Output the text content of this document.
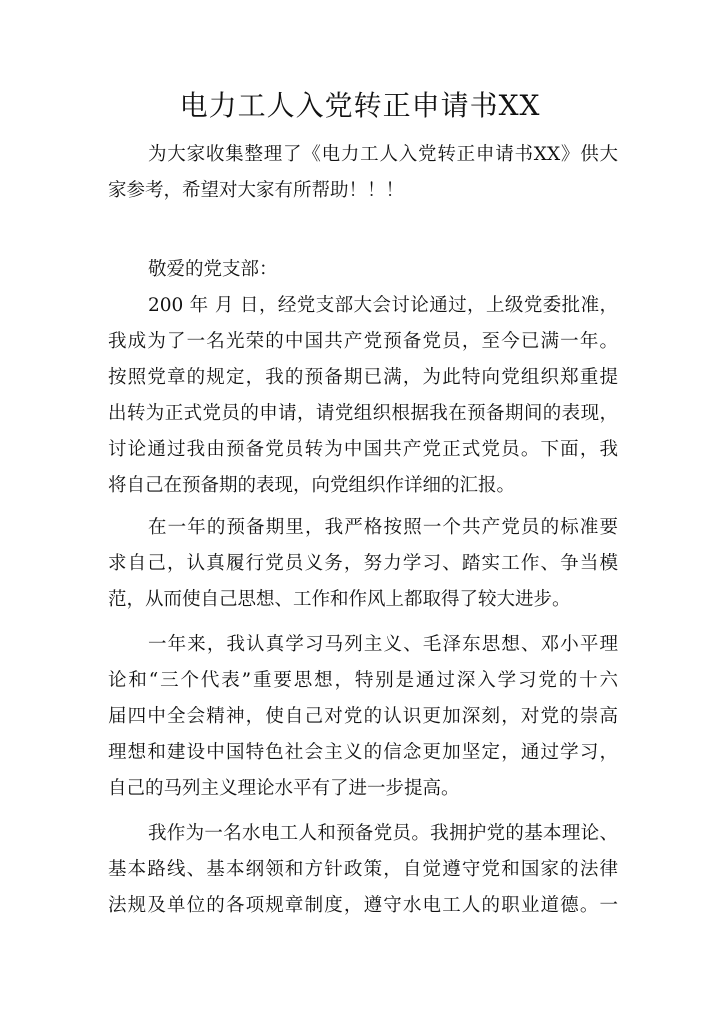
电力工人入党转正申请书XX
为大家收集整理了《电力工人入党转正申请书XX》供大
家参考，希望对大家有所帮助！！！
敬爱的党支部：
200 年 月 日，经党支部大会讨论通过，上级党委批准，
我成为了一名光荣的中国共产党预备党员，至今已满一年。
按照党章的规定，我的预备期已满，为此特向党组织郑重提
出转为正式党员的申请，请党组织根据我在预备期间的表现，
讨论通过我由预备党员转为中国共产党正式党员。下面，我
将自己在预备期的表现，向党组织作详细的汇报。
在一年的预备期里，我严格按照一个共产党员的标准要
求自己，认真履行党员义务，努力学习、踏实工作、争当模
范，从而使自己思想、工作和作风上都取得了较大进步。
一年来，我认真学习马列主义、毛泽东思想、邓小平理
论和“三个代表”重要思想，特别是通过深入学习党的十六
届四中全会精神，使自己对党的认识更加深刻，对党的崇高
理想和建设中国特色社会主义的信念更加坚定，通过学习，
自己的马列主义理论水平有了进一步提高。
我作为一名水电工人和预备党员。我拥护党的基本理论、
基本路线、基本纲领和方针政策，自觉遵守党和国家的法律
法规及单位的各项规章制度，遵守水电工人的职业道德。一
